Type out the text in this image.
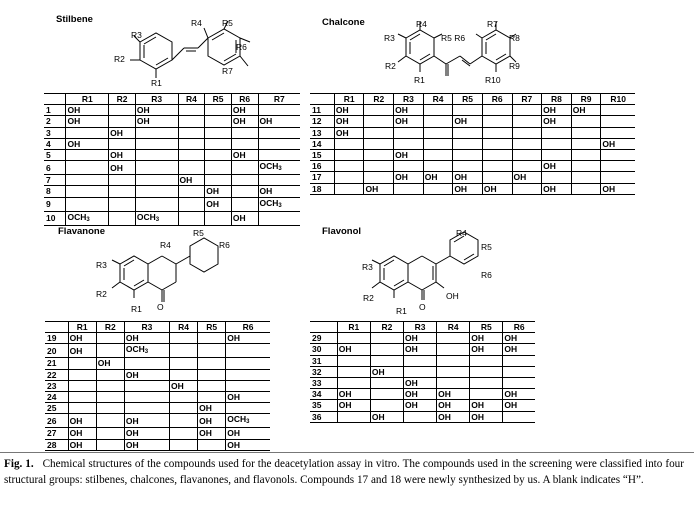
Stilbene
R3
R2
R1
R4 R5
R6
R7
	R1	R2	R3	R4	R5	R6	R7
1	OH		OH			OH	
2	OH		OH			OH	OH
3		OH					
4	OH						
5		OH				OH	
6		OH					$OCH_3$
7				OH			
8					OH		OH
9					OH		$OCH_3$
10	$OCH_3$		$OCH_3$			OH	
Chalcone	R4
R3
R2
R1
R5 R6
R7
R8
R9
R10
	R1	R2	R3	R4	R5	R6	R7	R8	R9	R10
11	OH		OH					OH	OH	
12	OH		OH		OH			OH		
13	OH									
14										OH
15			OH							
16								OH		
17			OH	OH	OH		OH			
18		OH			OH	OH		OH		OH
Flavanone
O
R4
R5
R6
R3
R2
R1
	R1	R2	R3	R4	R5	R6
19	OH		OH			OH
20	OH		$OCH_3$			
21		OH				
22			OH			
23				OH		
24						OH
25					OH	
26	OH		OH		OH	$OCH_3$
27	OH		OH		OH	OH
28	OH		OH			OH
Flavonol
O
OH
R4
R5
R6
R3
R2
R1
	R1	R2	R3	R4	R5	R6
29			OH		OH	OH
30	OH		OH		OH	OH
31						
32		OH				
33			OH			
34	OH		OH	OH		OH
35	OH		OH	OH	OH	OH
36		OH		OH	OH	
Fig. 1. Chemical structures of the compounds used for the deacetylation assay in vitro. The compounds used in the screening were classified into four structural groups: stilbenes, chalcones, flavanones, and flavonols. Compounds 17 and 18 were newly synthesized by us. A blank indicates “H”.
